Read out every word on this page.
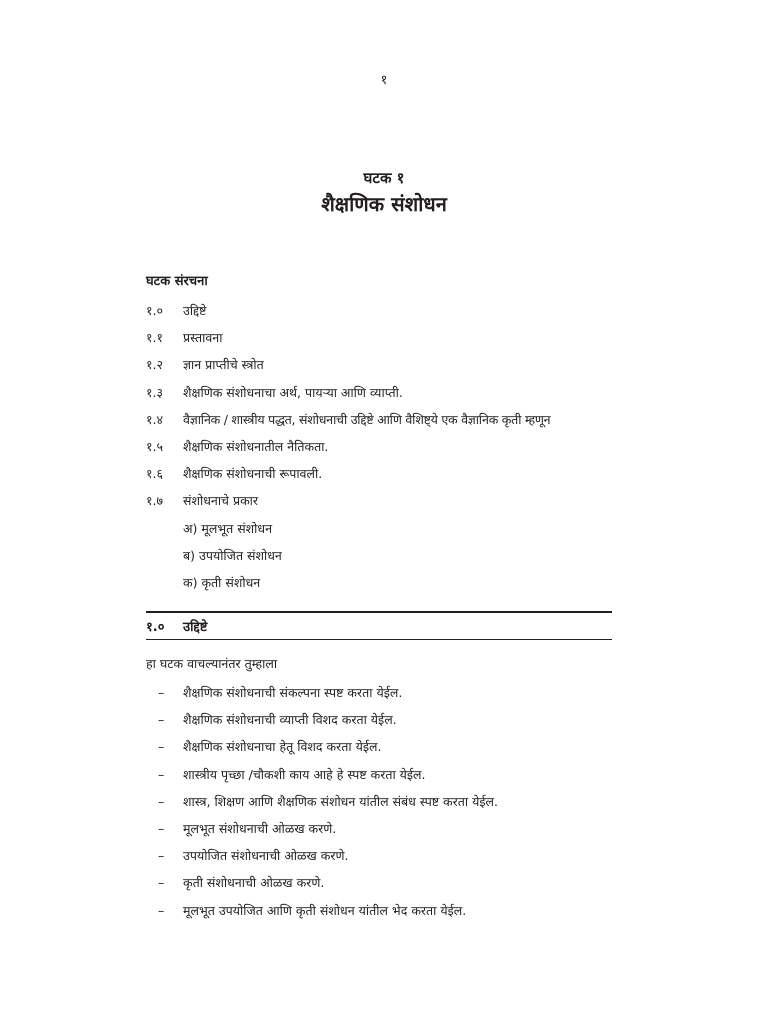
१
घटक १
शैक्षणिक संशोधन
घटक संरचना
१.०	उद्दिष्टे
१.१	प्रस्तावना
१.२	ज्ञान प्राप्तीचे स्त्रोत
१.३	शैक्षणिक संशोधनाचा अर्थ, पायऱ्या आणि व्याप्ती.
१.४	वैज्ञानिक / शास्त्रीय पद्धत, संशोधनाची उद्दिष्टे आणि वैशिष्ट्ये एक वैज्ञानिक कृती म्हणून
१.५	शैक्षणिक संशोधनातील नैतिकता.
१.६	शैक्षणिक संशोधनाची रूपावली.
१.७	संशोधनाचे प्रकार
अ) मूलभूत संशोधन
ब) उपयोजित संशोधन
क) कृती संशोधन
१.०	उद्दिष्टे
हा घटक वाचल्यानंतर तुम्हाला
–	शैक्षणिक संशोधनाची संकल्पना स्पष्ट करता येईल.
–	शैक्षणिक संशोधनाची व्याप्ती विशद करता येईल.
–	शैक्षणिक संशोधनाचा हेतू विशद करता येईल.
–	शास्त्रीय पृच्छा /चौकशी काय आहे हे स्पष्ट करता येईल.
–	शास्त्र, शिक्षण आणि शैक्षणिक संशोधन यांतील संबंध स्पष्ट करता येईल.
–	मूलभूत संशोधनाची ओळख करणे.
–	उपयोजित संशोधनाची ओळख करणे.
–	कृती संशोधनाची ओळख करणे.
–	मूलभूत उपयोजित आणि कृती संशोधन यांतील भेद करता येईल.
